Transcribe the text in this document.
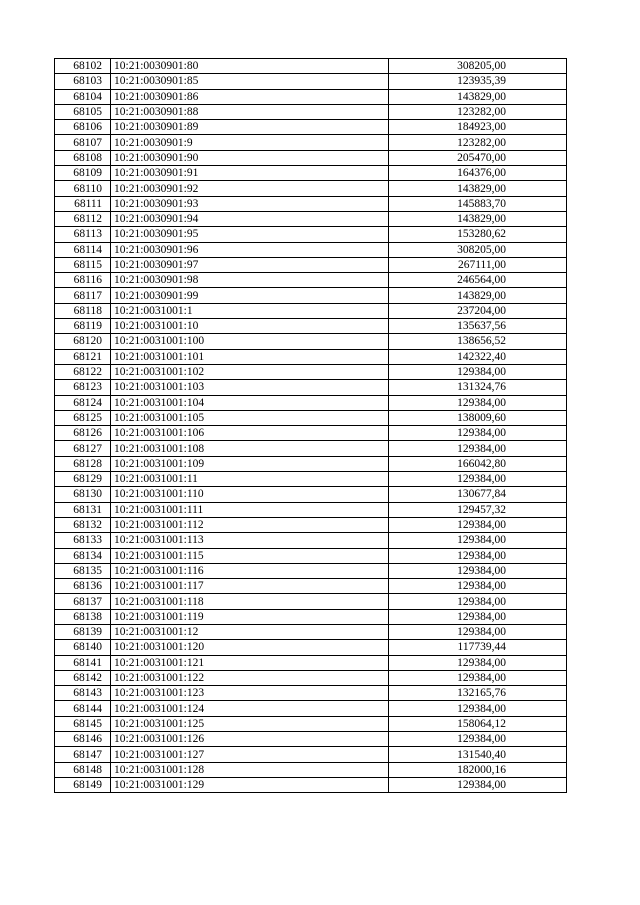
68102	10:21:0030901:80	308205,00
68103	10:21:0030901:85	123935,39
68104	10:21:0030901:86	143829,00
68105	10:21:0030901:88	123282,00
68106	10:21:0030901:89	184923,00
68107	10:21:0030901:9	123282,00
68108	10:21:0030901:90	205470,00
68109	10:21:0030901:91	164376,00
68110	10:21:0030901:92	143829,00
68111	10:21:0030901:93	145883,70
68112	10:21:0030901:94	143829,00
68113	10:21:0030901:95	153280,62
68114	10:21:0030901:96	308205,00
68115	10:21:0030901:97	267111,00
68116	10:21:0030901:98	246564,00
68117	10:21:0030901:99	143829,00
68118	10:21:0031001:1	237204,00
68119	10:21:0031001:10	135637,56
68120	10:21:0031001:100	138656,52
68121	10:21:0031001:101	142322,40
68122	10:21:0031001:102	129384,00
68123	10:21:0031001:103	131324,76
68124	10:21:0031001:104	129384,00
68125	10:21:0031001:105	138009,60
68126	10:21:0031001:106	129384,00
68127	10:21:0031001:108	129384,00
68128	10:21:0031001:109	166042,80
68129	10:21:0031001:11	129384,00
68130	10:21:0031001:110	130677,84
68131	10:21:0031001:111	129457,32
68132	10:21:0031001:112	129384,00
68133	10:21:0031001:113	129384,00
68134	10:21:0031001:115	129384,00
68135	10:21:0031001:116	129384,00
68136	10:21:0031001:117	129384,00
68137	10:21:0031001:118	129384,00
68138	10:21:0031001:119	129384,00
68139	10:21:0031001:12	129384,00
68140	10:21:0031001:120	117739,44
68141	10:21:0031001:121	129384,00
68142	10:21:0031001:122	129384,00
68143	10:21:0031001:123	132165,76
68144	10:21:0031001:124	129384,00
68145	10:21:0031001:125	158064,12
68146	10:21:0031001:126	129384,00
68147	10:21:0031001:127	131540,40
68148	10:21:0031001:128	182000,16
68149	10:21:0031001:129	129384,00
